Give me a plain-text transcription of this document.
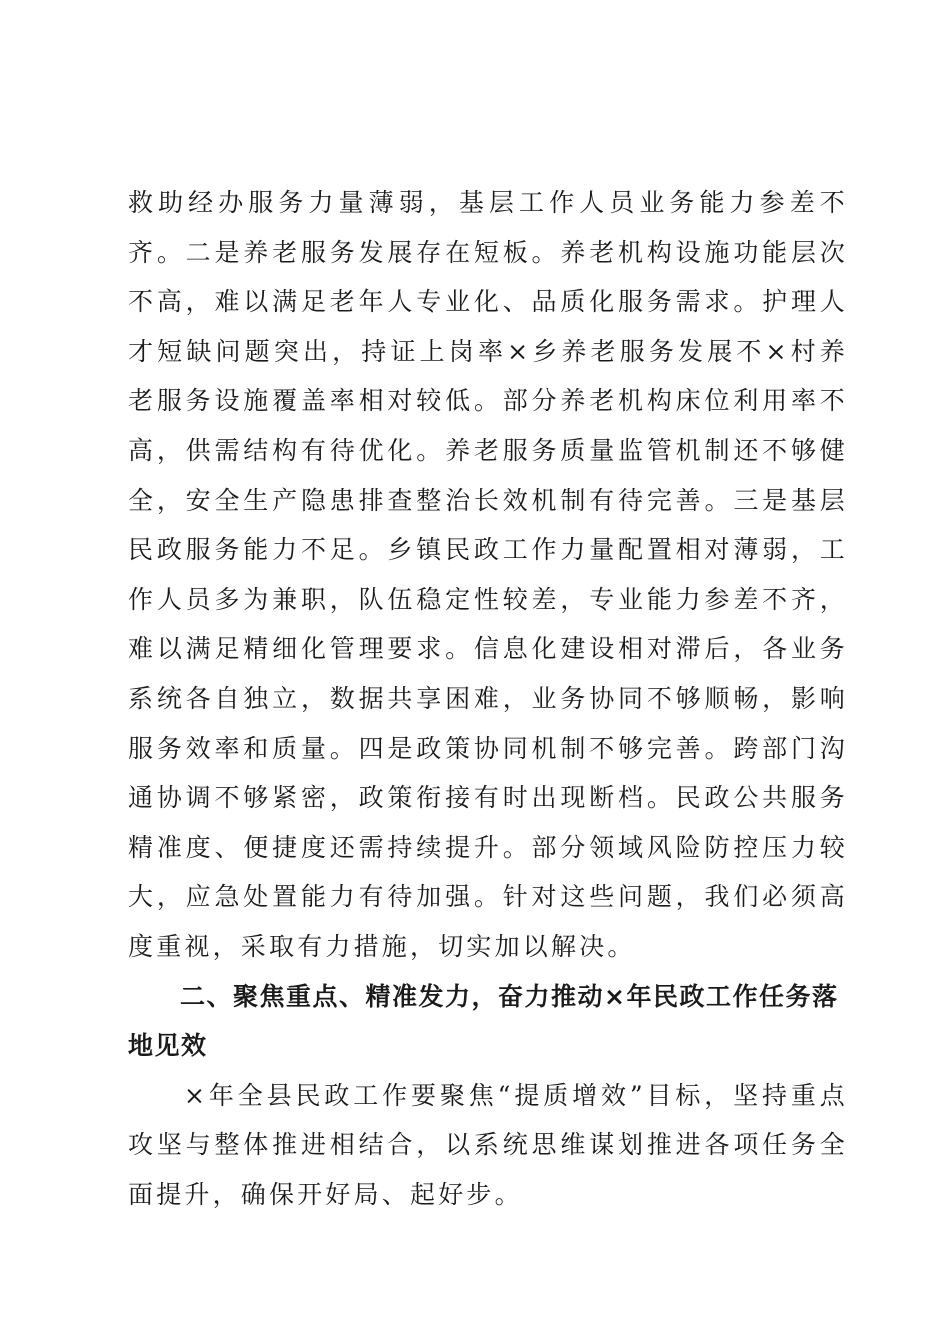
救助经办服务力量薄弱，基层工作人员业务能力参差不齐。二是养老服务发展存在短板。养老机构设施功能层次不高，难以满足老年人专业化、品质化服务需求。护理人才短缺问题突出，持证上岗率×乡养老服务发展不×村养老服务设施覆盖率相对较低。部分养老机构床位利用率不高，供需结构有待优化。养老服务质量监管机制还不够健全，安全生产隐患排查整治长效机制有待完善。三是基层民政服务能力不足。乡镇民政工作力量配置相对薄弱，工作人员多为兼职，队伍稳定性较差，专业能力参差不齐，难以满足精细化管理要求。信息化建设相对滞后，各业务系统各自独立，数据共享困难，业务协同不够顺畅，影响服务效率和质量。四是政策协同机制不够完善。跨部门沟通协调不够紧密，政策衔接有时出现断档。民政公共服务精准度、便捷度还需持续提升。部分领域风险防控压力较大，应急处置能力有待加强。针对这些问题，我们必须高度重视，采取有力措施，切实加以解决。

二、聚焦重点、精准发力，奋力推动×年民政工作任务落地见效

×年全县民政工作要聚焦“提质增效”目标，坚持重点攻坚与整体推进相结合，以系统思维谋划推进各项任务全面提升，确保开好局、起好步。
